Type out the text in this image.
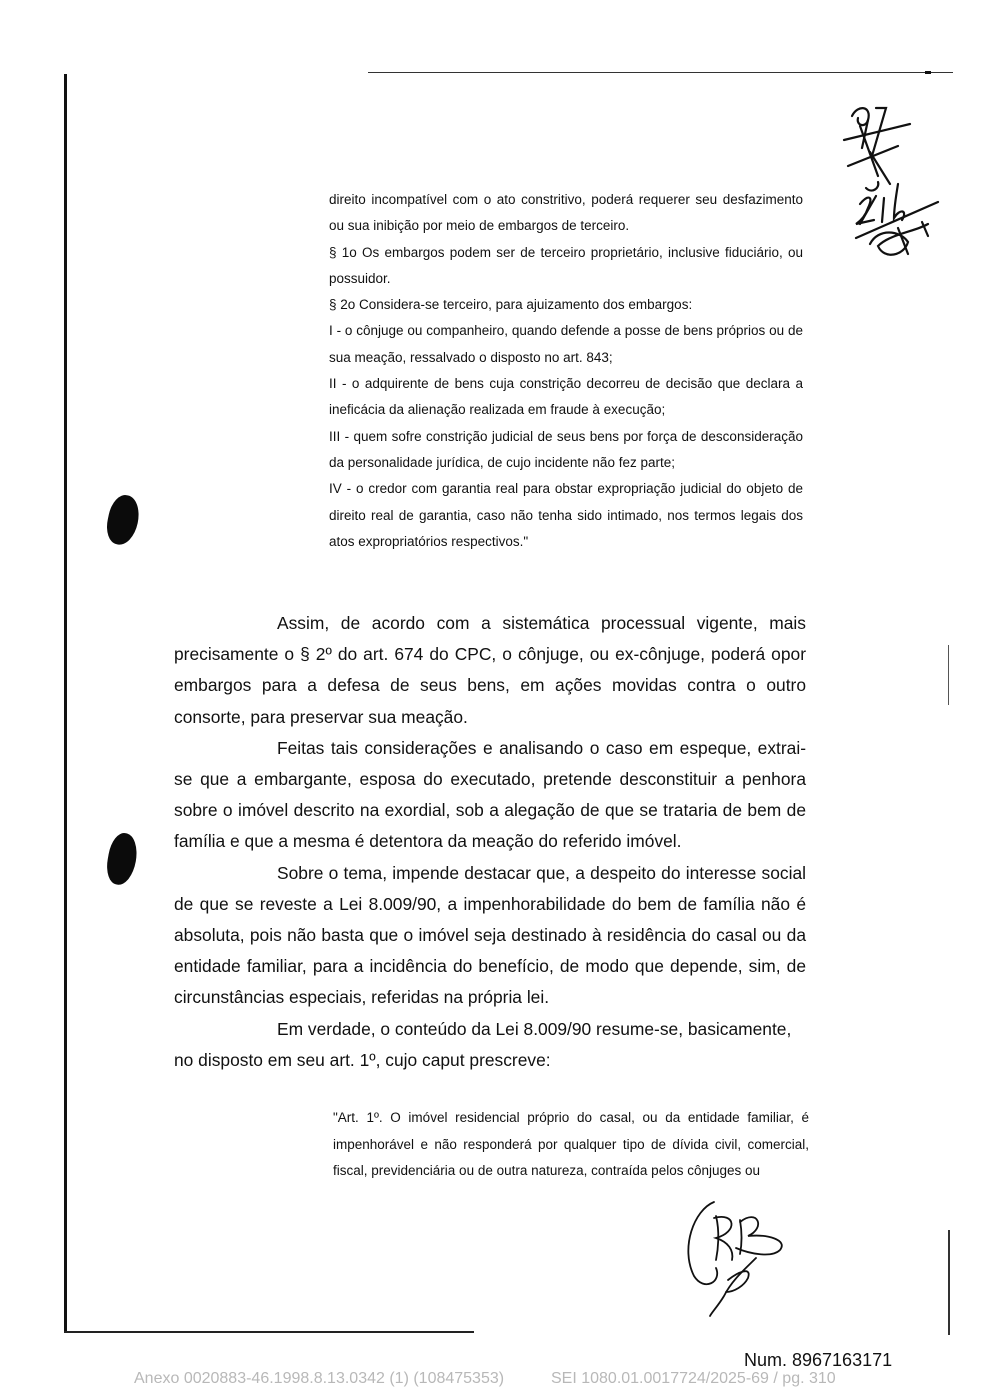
direito incompatível com o ato constritivo, poderá requerer seu desfazimento ou sua inibição por meio de embargos de terceiro.

§ 1o Os embargos podem ser de terceiro proprietário, inclusive fiduciário, ou possuidor.

§ 2o Considera-se terceiro, para ajuizamento dos embargos:

I - o cônjuge ou companheiro, quando defende a posse de bens próprios ou de sua meação, ressalvado o disposto no art. 843;

II - o adquirente de bens cuja constrição decorreu de decisão que declara a ineficácia da alienação realizada em fraude à execução;

III - quem sofre constrição judicial de seus bens por força de desconsideração da personalidade jurídica, de cujo incidente não fez parte;

IV - o credor com garantia real para obstar expropriação judicial do objeto de direito real de garantia, caso não tenha sido intimado, nos termos legais dos atos expropriatórios respectivos."

Assim, de acordo com a sistemática processual vigente, mais precisamente o § 2º do art. 674 do CPC, o cônjuge, ou ex-cônjuge, poderá opor embargos para a defesa de seus bens, em ações movidas contra o outro consorte, para preservar sua meação.

Feitas tais considerações e analisando o caso em espeque, extrai-se que a embargante, esposa do executado, pretende desconstituir a penhora sobre o imóvel descrito na exordial, sob a alegação de que se trataria de bem de família e que a mesma é detentora da meação do referido imóvel.

Sobre o tema, impende destacar que, a despeito do interesse social de que se reveste a Lei 8.009/90, a impenhorabilidade do bem de família não é absoluta, pois não basta que o imóvel seja destinado à residência do casal ou da entidade familiar, para a incidência do benefício, de modo que depende, sim, de circunstâncias especiais, referidas na própria lei.

Em verdade, o conteúdo da Lei 8.009/90 resume-se, basicamente, no disposto em seu art. 1º, cujo caput prescreve:

"Art. 1º. O imóvel residencial próprio do casal, ou da entidade familiar, é impenhorável e não responderá por qualquer tipo de dívida civil, comercial, fiscal, previdenciária ou de outra natureza, contraída pelos cônjuges ou

Num. 8967163171
Anexo 0020883-46.1998.8.13.0342 (1) (108475353)	SEI 1080.01.0017724/2025-69 / pg. 310
